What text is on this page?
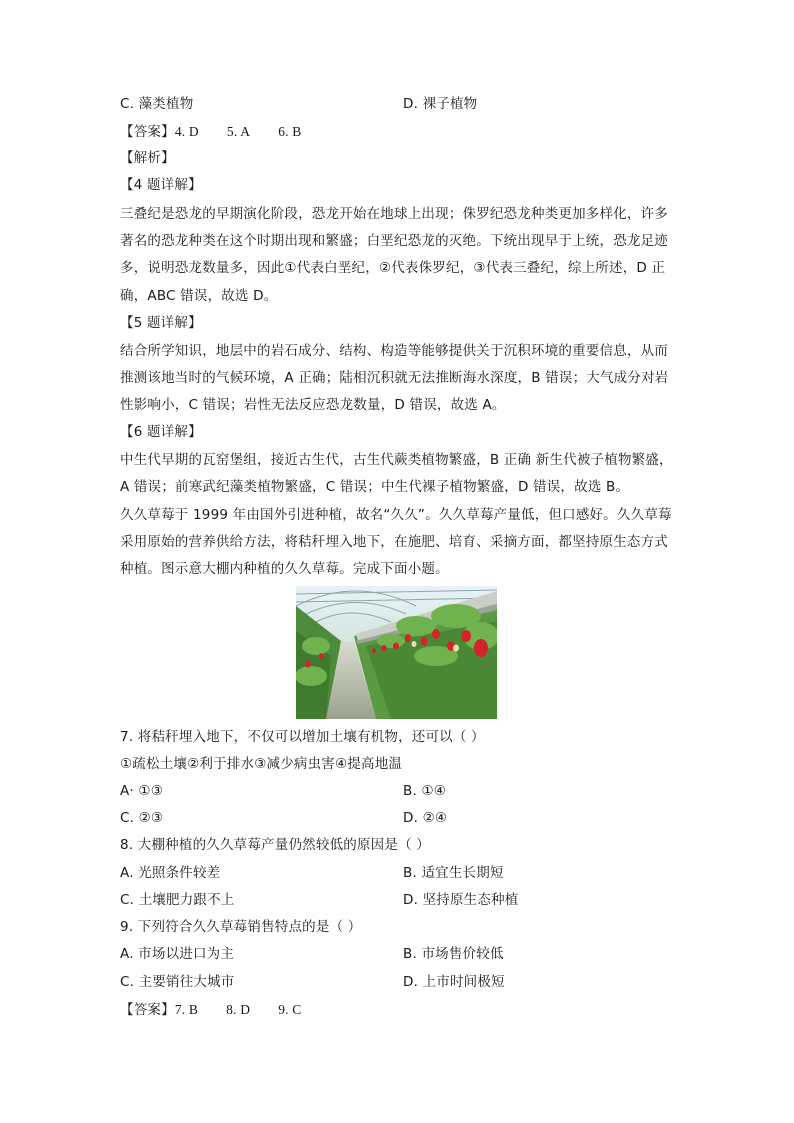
C. 藻类植物	D. 裸子植物
【答案】4. D 5. A 6. B
【解析】
【4 题详解】
三叠纪是恐龙的早期演化阶段，恐龙开始在地球上出现；侏罗纪恐龙种类更加多样化，许多
著名的恐龙种类在这个时期出现和繁盛；白垩纪恐龙的灭绝。下统出现早于上统，恐龙足迹
多，说明恐龙数量多，因此①代表白垩纪，②代表侏罗纪，③代表三叠纪，综上所述，D 正
确，ABC 错误，故选 D。
【5 题详解】
结合所学知识，地层中的岩石成分、结构、构造等能够提供关于沉积环境的重要信息，从而
推测该地当时的气候环境，A 正确；陆相沉积就无法推断海水深度，B 错误；大气成分对岩
性影响小，C 错误；岩性无法反应恐龙数量，D 错误，故选 A。
【6 题详解】
中生代早期的瓦窑堡组，接近古生代，古生代蕨类植物繁盛，B 正确 新生代被子植物繁盛，
A 错误；前寒武纪藻类植物繁盛，C 错误；中生代裸子植物繁盛，D 错误，故选 B。
久久草莓于 1999 年由国外引进种植，故名“久久”。久久草莓产量低，但口感好。久久草莓
采用原始的营养供给方法，将秸秆埋入地下，在施肥、培育、采摘方面，都坚持原生态方式
种植。图示意大棚内种植的久久草莓。完成下面小题。
7. 将秸秆埋入地下，不仅可以增加土壤有机物，还可以（ ）
①疏松土壤②利于排水③减少病虫害④提高地温
A· ①③	B. ①④
C. ②③	D. ②④
8. 大棚种植的久久草莓产量仍然较低的原因是（ ）
A. 光照条件较差	B. 适宜生长期短
C. 土壤肥力跟不上	D. 坚持原生态种植
9. 下列符合久久草莓销售特点的是（ ）
A. 市场以进口为主	B. 市场售价较低
C. 主要销往大城市	D. 上市时间极短
【答案】7. B 8. D 9. C
